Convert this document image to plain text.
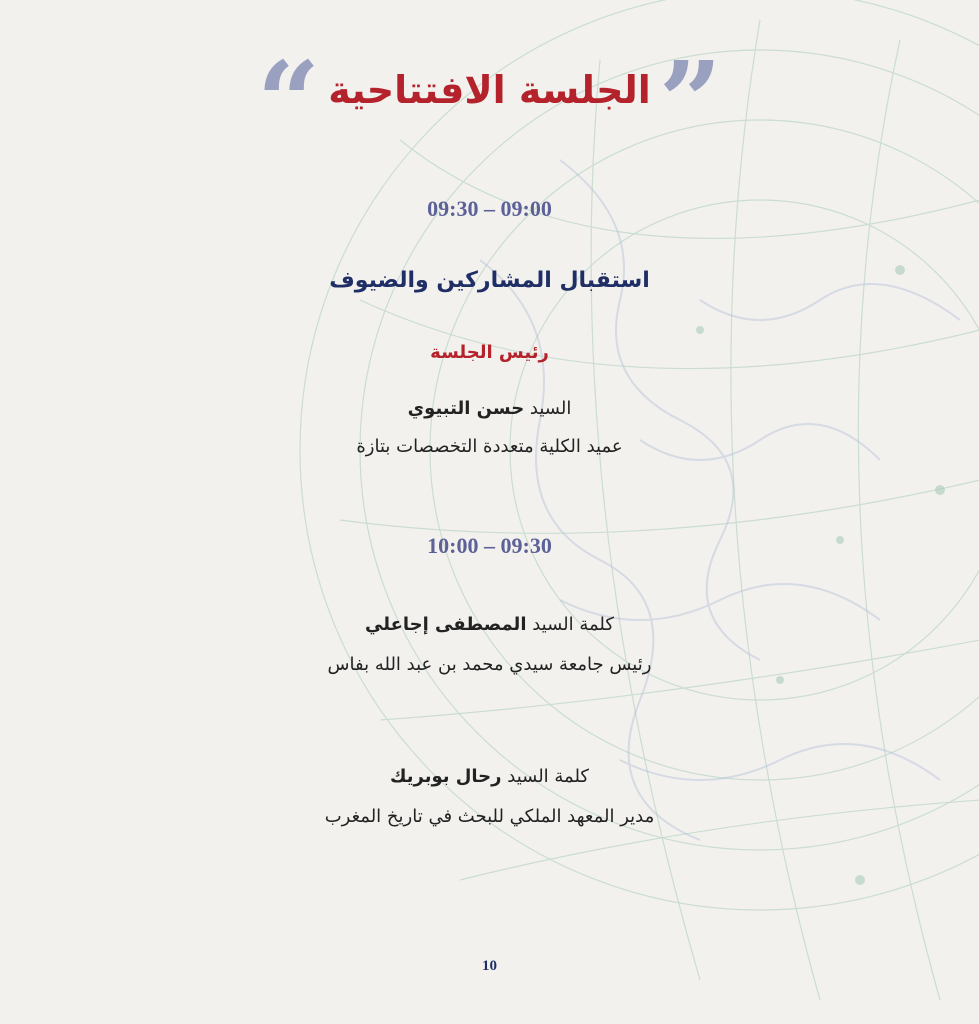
“ الجلسة الافتتاحية ”
09:30 – 09:00
استقبال المشاركين والضيوف
رئيس الجلسة
السيد حسن التبيوي
عميد الكلية متعددة التخصصات بتازة
10:00 – 09:30
كلمة السيد المصطفى إجاعلي
رئيس جامعة سيدي محمد بن عبد الله بفاس
كلمة السيد رحال بوبريك
مدير المعهد الملكي للبحث في تاريخ المغرب
10
